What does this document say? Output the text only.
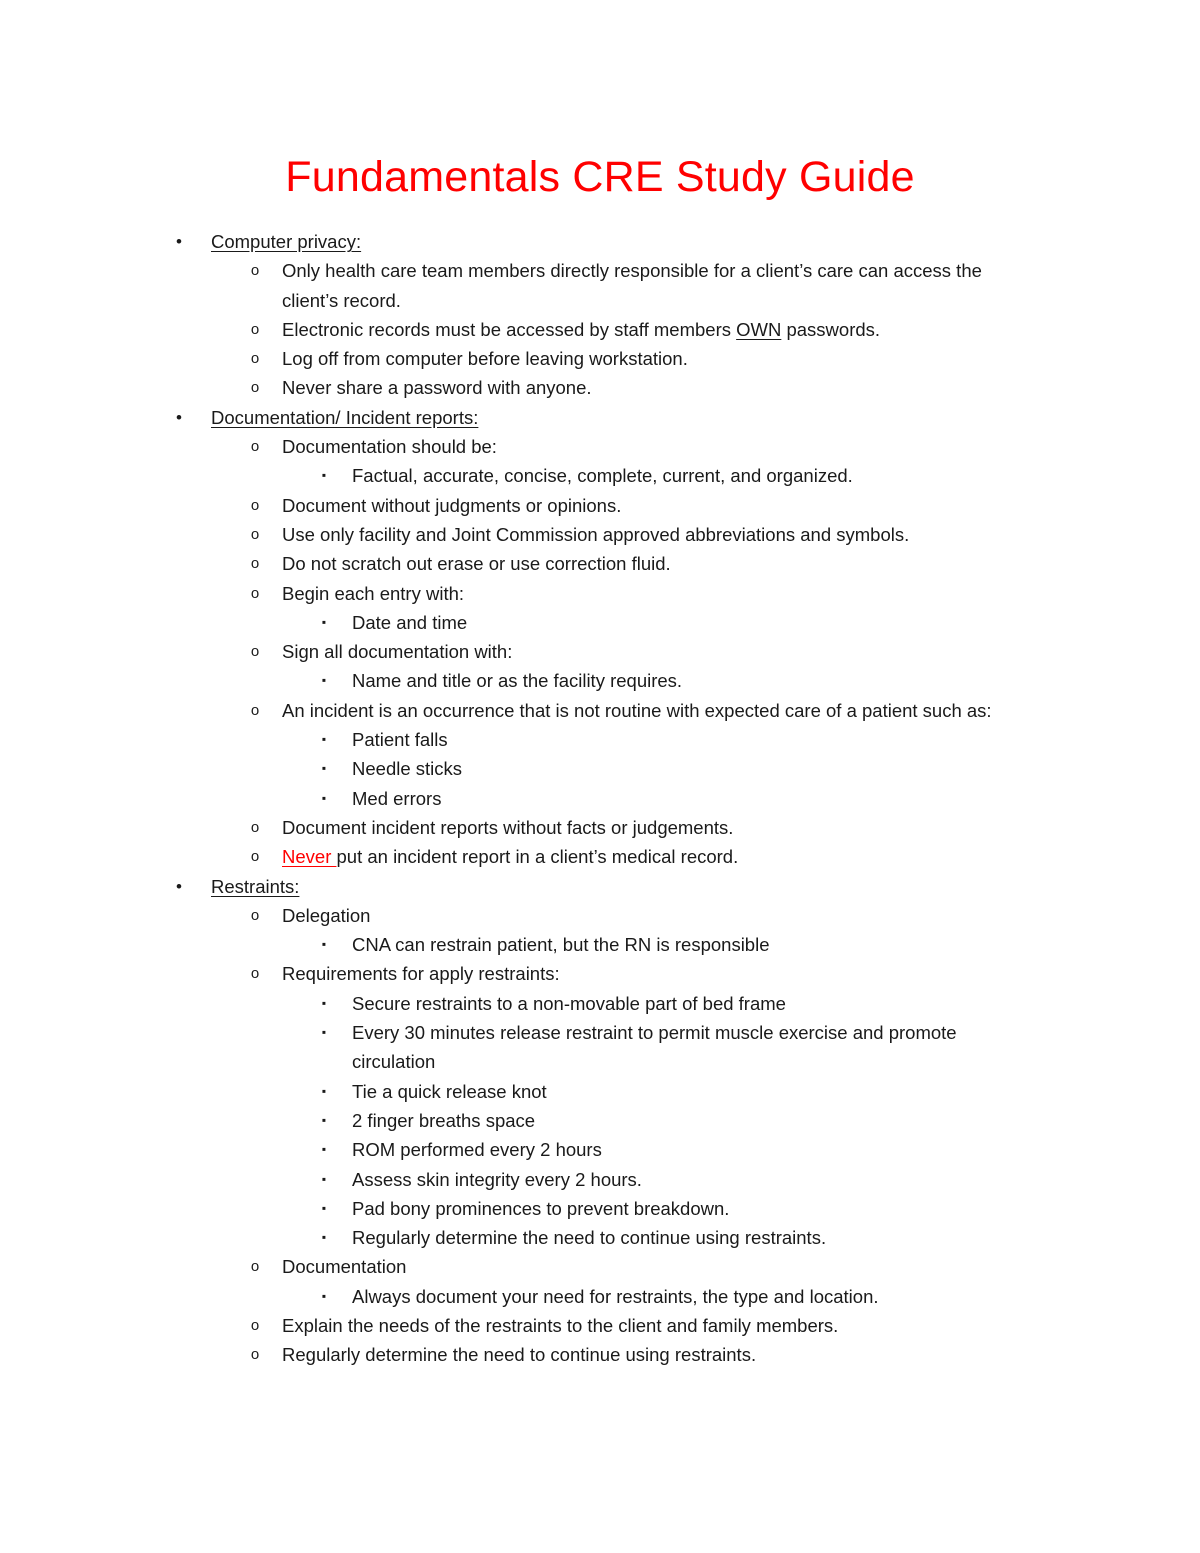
Fundamentals CRE Study Guide
•	Computer privacy:
o	Only health care team members directly responsible for a client’s care can access the client’s record.
o	Electronic records must be accessed by staff members OWN passwords.
o	Log off from computer before leaving workstation.
o	Never share a password with anyone.
•	Documentation/ Incident reports:
o	Documentation should be:
▪	Factual, accurate, concise, complete, current, and organized.
o	Document without judgments or opinions.
o	Use only facility and Joint Commission approved abbreviations and symbols.
o	Do not scratch out erase or use correction fluid.
o	Begin each entry with:
▪	Date and time
o	Sign all documentation with:
▪	Name and title or as the facility requires.
o	An incident is an occurrence that is not routine with expected care of a patient such as:
▪	Patient falls
▪	Needle sticks
▪	Med errors
o	Document incident reports without facts or judgements.
o	Never put an incident report in a client’s medical record.
•	Restraints:
o	Delegation
▪	CNA can restrain patient, but the RN is responsible
o	Requirements for apply restraints:
▪	Secure restraints to a non-movable part of bed frame
▪	Every 30 minutes release restraint to permit muscle exercise and promote circulation
▪	Tie a quick release knot
▪	2 finger breaths space
▪	ROM performed every 2 hours
▪	Assess skin integrity every 2 hours.
▪	Pad bony prominences to prevent breakdown.
▪	Regularly determine the need to continue using restraints.
o	Documentation
▪	Always document your need for restraints, the type and location.
o	Explain the needs of the restraints to the client and family members.
o	Regularly determine the need to continue using restraints.
